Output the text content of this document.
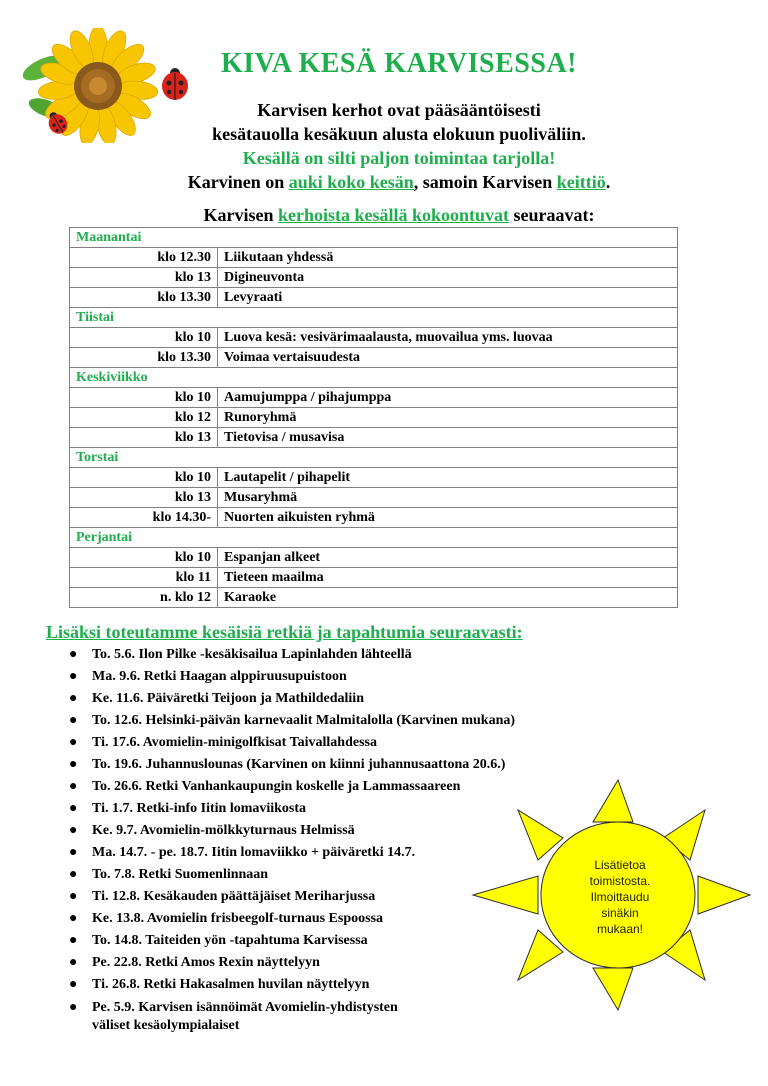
KIVA KESÄ KARVISESSA!
Karvisen kerhot ovat pääsääntöisesti
kesätauolla kesäkuun alusta elokuun puoliväliin.
Kesällä on silti paljon toimintaa tarjolla!
Karvinen on auki koko kesän, samoin Karvisen keittiö.
Karvisen kerhoista kesällä kokoontuvat seuraavat:
Maanantai	
klo 12.30	Liikutaan yhdessä
klo 13	Digineuvonta
klo 13.30	Levyraati
Tiistai	
klo 10	Luova kesä: vesivärimaalausta, muovailua yms. luovaa
klo 13.30	Voimaa vertaisuudesta
Keskiviikko	
klo 10	Aamujumppa / pihajumppa
klo 12	Runoryhmä
klo 13	Tietovisa / musavisa
Torstai	
klo 10	Lautapelit / pihapelit
klo 13	Musaryhmä
klo 14.30-	Nuorten aikuisten ryhmä
Perjantai	
klo 10	Espanjan alkeet
klo 11	Tieteen maailma
n. klo 12	Karaoke
Lisäksi toteutamme kesäisiä retkiä ja tapahtumia seuraavasti:
● To. 5.6. Ilon Pilke -kesäkisailua Lapinlahden lähteellä
● Ma. 9.6. Retki Haagan alppiruusupuistoon
● Ke. 11.6. Päiväretki Teijoon ja Mathildedaliin
● To. 12.6. Helsinki-päivän karnevaalit Malmitalolla (Karvinen mukana)
● Ti. 17.6. Avomielin-minigolfkisat Taivallahdessa
● To. 19.6. Juhannuslounas (Karvinen on kiinni juhannusaattona 20.6.)
● To. 26.6. Retki Vanhankaupungin koskelle ja Lammassaareen
● Ti. 1.7. Retki-info Iitin lomaviikosta
● Ke. 9.7. Avomielin-mölkkyturnaus Helmissä
● Ma. 14.7. - pe. 18.7. Iitin lomaviikko + päiväretki 14.7.
● To. 7.8. Retki Suomenlinnaan
● Ti. 12.8. Kesäkauden päättäjäiset Meriharjussa
● Ke. 13.8. Avomielin frisbeegolf-turnaus Espoossa
● To. 14.8. Taiteiden yön -tapahtuma Karvisessa
● Pe. 22.8. Retki Amos Rexin näyttelyyn
● Ti. 26.8. Retki Hakasalmen huvilan näyttelyyn
● Pe. 5.9. Karvisen isännöimät Avomielin-yhdistysten
väliset kesäolympialaiset
Lisätietoa
toimistosta.
Ilmoittaudu
sinäkin
mukaan!
